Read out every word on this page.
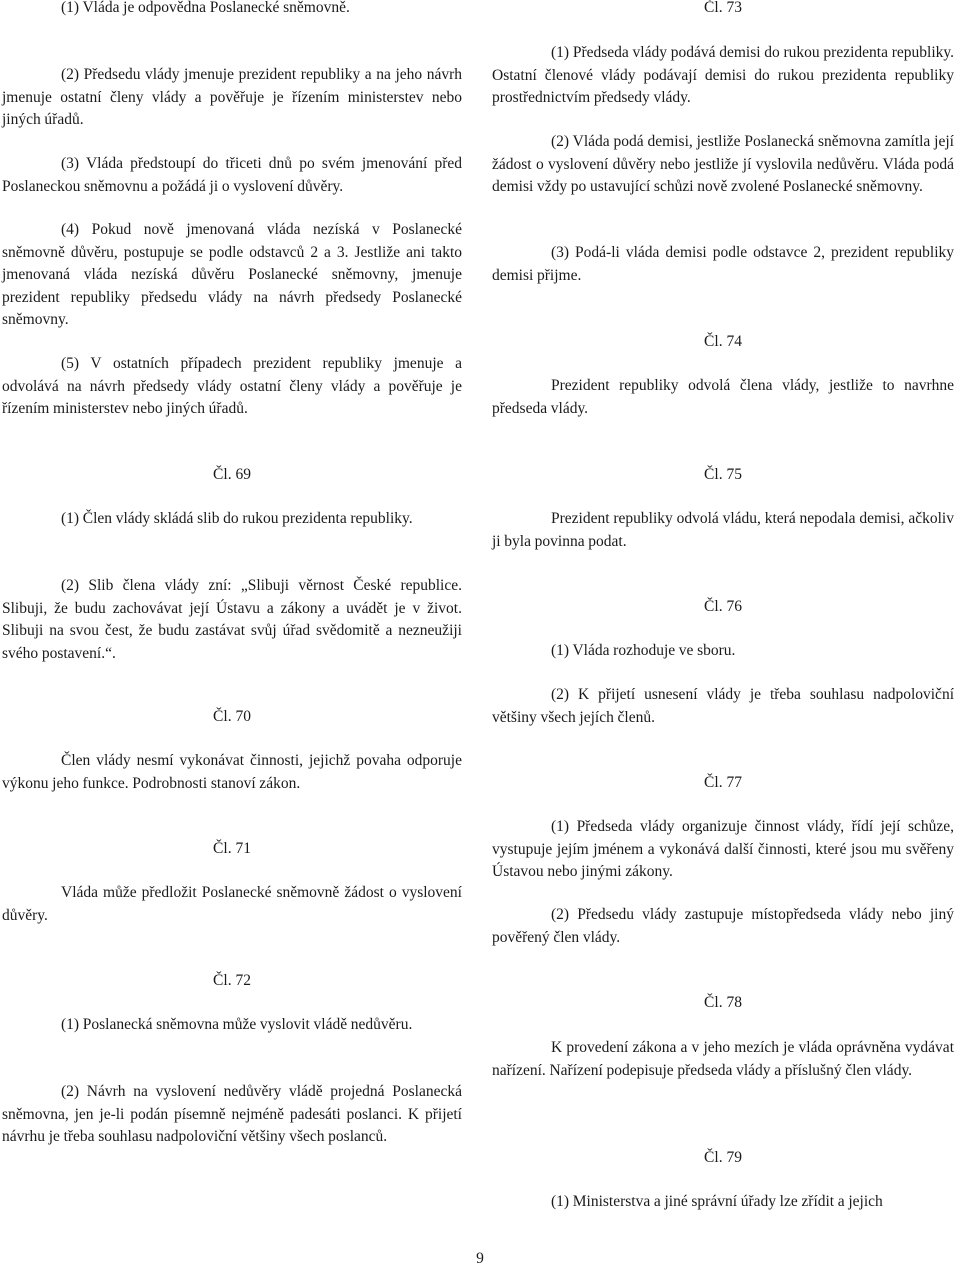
(1) Vláda je odpovědna Poslanecké sněmovně.

(2) Předsedu vlády jmenuje prezident republiky a na jeho návrh jmenuje ostatní členy vlády a pověřuje je řízením ministerstev nebo jiných úřadů.

(3) Vláda předstoupí do třiceti dnů po svém jmenování před Poslaneckou sněmovnu a požádá ji o vyslovení důvěry.

(4) Pokud nově jmenovaná vláda nezíská v Poslanecké sněmovně důvěru, postupuje se podle odstavců 2 a 3. Jestliže ani takto jmenovaná vláda nezíská důvěru Poslanecké sněmovny, jmenuje prezident republiky předsedu vlády na návrh předsedy Poslanecké sněmovny.

(5) V ostatních případech prezident republiky jmenuje a odvolává na návrh předsedy vlády ostatní členy vlády a pověřuje je řízením ministerstev nebo jiných úřadů.

Čl. 69

(1) Člen vlády skládá slib do rukou prezidenta republiky.

(2) Slib člena vlády zní: „Slibuji věrnost České republice. Slibuji, že budu zachovávat její Ústavu a zákony a uvádět je v život. Slibuji na svou čest, že budu zastávat svůj úřad svědomitě a nezneužiji svého postavení.“.

Čl. 70

Člen vlády nesmí vykonávat činnosti, jejichž povaha odporuje výkonu jeho funkce. Podrobnosti stanoví zákon.

Čl. 71

Vláda může předložit Poslanecké sněmovně žádost o vyslovení důvěry.

Čl. 72

(1) Poslanecká sněmovna může vyslovit vládě nedůvěru.

(2) Návrh na vyslovení nedůvěry vládě projedná Poslanecká sněmovna, jen je-li podán písemně nejméně padesáti poslanci. K přijetí návrhu je třeba souhlasu nadpoloviční většiny všech poslanců.

Čl. 73

(1) Předseda vlády podává demisi do rukou prezidenta republiky. Ostatní členové vlády podávají demisi do rukou prezidenta republiky prostřednictvím předsedy vlády.

(2) Vláda podá demisi, jestliže Poslanecká sněmovna zamítla její žádost o vyslovení důvěry nebo jestliže jí vyslovila nedůvěru. Vláda podá demisi vždy po ustavující schůzi nově zvolené Poslanecké sněmovny.

(3) Podá-li vláda demisi podle odstavce 2, prezident republiky demisi přijme.

Čl. 74

Prezident republiky odvolá člena vlády, jestliže to navrhne předseda vlády.

Čl. 75

Prezident republiky odvolá vládu, která nepodala demisi, ačkoliv ji byla povinna podat.

Čl. 76

(1) Vláda rozhoduje ve sboru.

(2) K přijetí usnesení vlády je třeba souhlasu nadpoloviční většiny všech jejích členů.

Čl. 77

(1) Předseda vlády organizuje činnost vlády, řídí její schůze, vystupuje jejím jménem a vykonává další činnosti, které jsou mu svěřeny Ústavou nebo jinými zákony.

(2) Předsedu vlády zastupuje místopředseda vlády nebo jiný pověřený člen vlády.

Čl. 78

K provedení zákona a v jeho mezích je vláda oprávněna vydávat nařízení. Nařízení podepisuje předseda vlády a příslušný člen vlády.

Čl. 79

(1) Ministerstva a jiné správní úřady lze zřídit a jejich

9
